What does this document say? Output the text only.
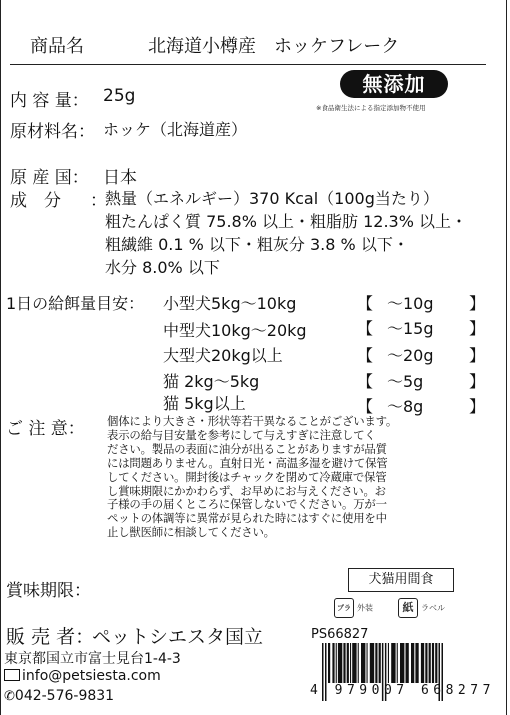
商品名	北海道小樽産　ホッケフレーク
無添加
※食品衛生法による指定添加物不使用
内 容 量： 25g
原材料名： ホッケ（北海道産）
原 産 国： 日本
成　分 ：
熱量（エネルギー）370 Kcal（100g当たり）
粗たんぱく質 75.8% 以上・粗脂肪 12.3% 以上・
粗繊維 0.1 % 以下・粗灰分 3.8 % 以下・
水分 8.0% 以下
1日の給餌量目安： 小型犬5kg〜10kg	【 〜10g 】
中型犬10kg〜20kg	【 〜15g 】
大型犬20kg以上	【 〜20g 】
猫 2kg〜5kg	【 〜5g	】
猫 5kg以上	【 〜8g	】
ご 注 意： 個体により大きさ・形状等若干異なることがございます。
表示の給与目安量を参考にして与えすぎに注意してく
ださい。製品の表面に油分が出ることがありますが品質
には問題ありません。直射日光・高温多湿を避けて保管
してください。開封後はチャックを閉めて冷蔵庫で保管
し賞味期限にかかわらず、お早めにお与えください。お
子様の手の届くところに保管しないでください。万が一
ペットの体調等に異常が見られた時にはすぐに使用を中
止し獣医師に相談してください。
賞味期限：
犬猫用間食
プラ 外装	紙 ラベル
販 売 者：
ペットシエスタ国立
東京都国立市富士見台1-4-3
info@petsiesta.com
✆042-576-9831
PS66827
4 979007 668277
